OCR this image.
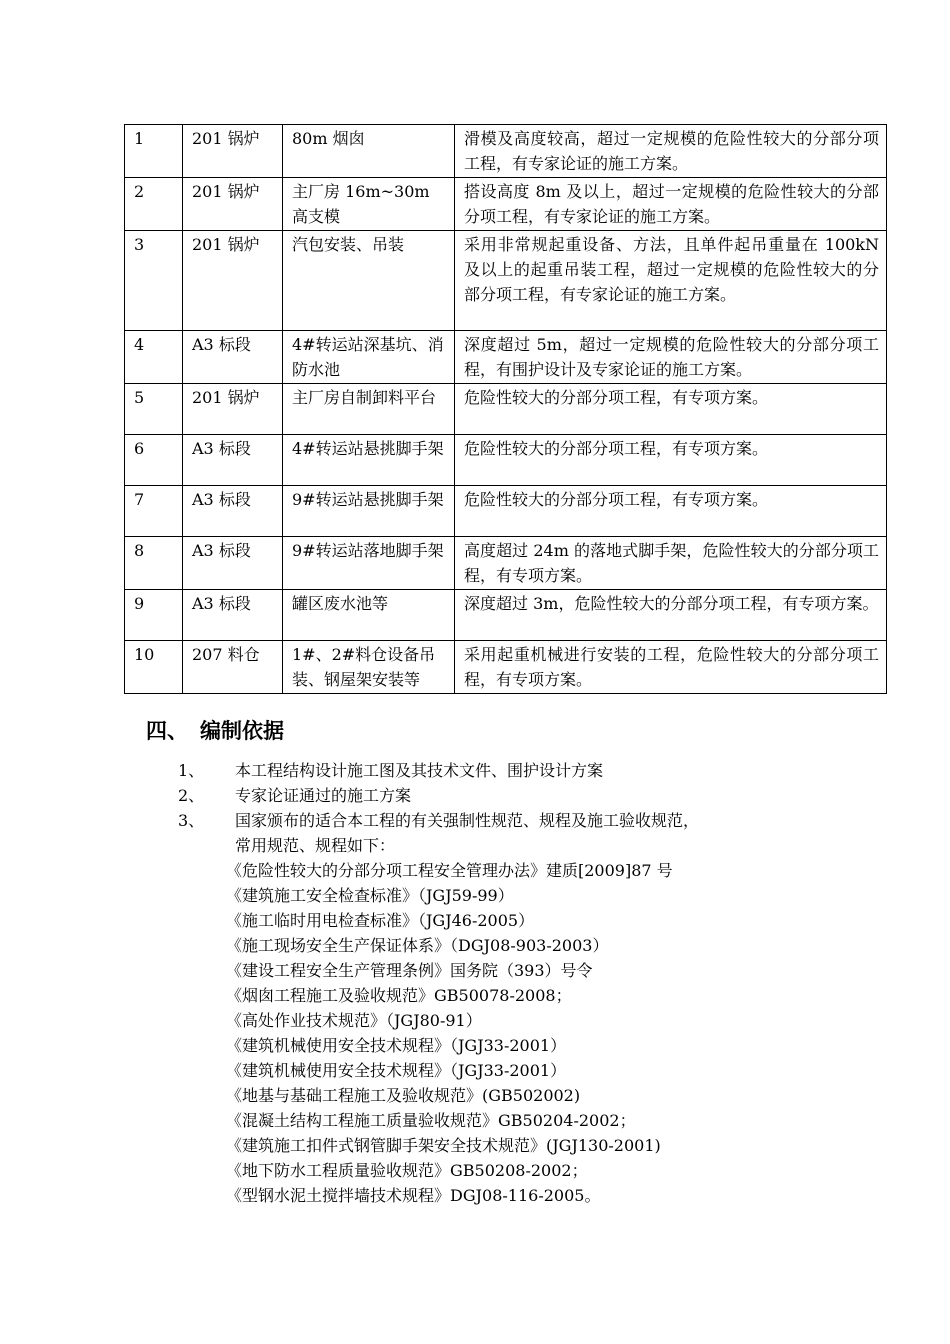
1	201 锅炉	80m 烟囱	滑模及高度较高，超过一定规模的危险性较大的分部分项工程，有专家论证的施工方案。
2	201 锅炉	主厂房 16m~30m 高支模	搭设高度 8m 及以上，超过一定规模的危险性较大的分部分项工程，有专家论证的施工方案。
3	201 锅炉	汽包安装、吊装	采用非常规起重设备、方法，且单件起吊重量在 100kN 及以上的起重吊装工程，超过一定规模的危险性较大的分部分项工程，有专家论证的施工方案。
4	A3 标段	4#转运站深基坑、消防水池	深度超过 5m，超过一定规模的危险性较大的分部分项工程，有围护设计及专家论证的施工方案。
5	201 锅炉	主厂房自制卸料平台	危险性较大的分部分项工程，有专项方案。
6	A3 标段	4#转运站悬挑脚手架	危险性较大的分部分项工程，有专项方案。
7	A3 标段	9#转运站悬挑脚手架	危险性较大的分部分项工程，有专项方案。
8	A3 标段	9#转运站落地脚手架	高度超过 24m 的落地式脚手架，危险性较大的分部分项工程，有专项方案。
9	A3 标段	罐区废水池等	深度超过 3m，危险性较大的分部分项工程，有专项方案。
10	207 料仓	1#、2#料仓设备吊装、钢屋架安装等	采用起重机械进行安装的工程，危险性较大的分部分项工程，有专项方案。
四、 编制依据
1、 本工程结构设计施工图及其技术文件、围护设计方案
2、 专家论证通过的施工方案
3、 国家颁布的适合本工程的有关强制性规范、规程及施工验收规范，
常用规范、规程如下：
《危险性较大的分部分项工程安全管理办法》建质[2009]87 号
《建筑施工安全检查标准》（JGJ59-99）
《施工临时用电检查标准》（JGJ46-2005）
《施工现场安全生产保证体系》（DGJ08-903-2003）
《建设工程安全生产管理条例》国务院（393）号令
《烟囱工程施工及验收规范》GB50078-2008；
《高处作业技术规范》（JGJ80-91）
《建筑机械使用安全技术规程》（JGJ33-2001）
《建筑机械使用安全技术规程》（JGJ33-2001）
《地基与基础工程施工及验收规范》(GB502002)
《混凝土结构工程施工质量验收规范》GB50204-2002；
《建筑施工扣件式钢管脚手架安全技术规范》(JGJ130-2001)
《地下防水工程质量验收规范》GB50208-2002；
《型钢水泥土搅拌墙技术规程》DGJ08-116-2005。
